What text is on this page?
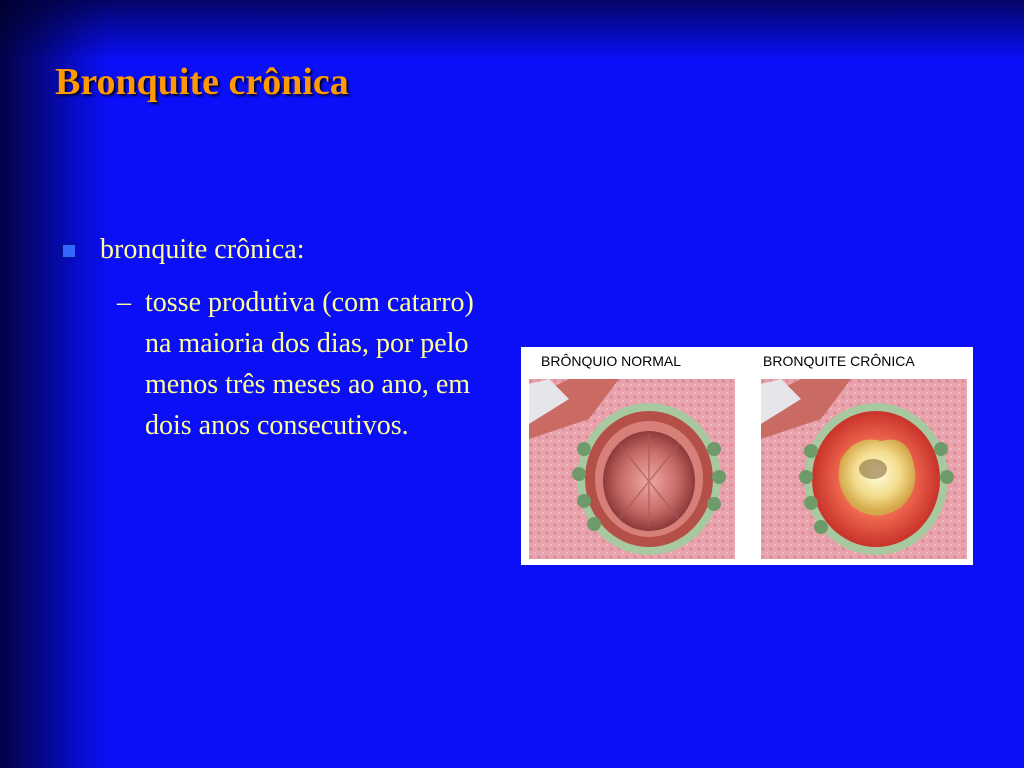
Bronquite crônica
bronquite crônica:
– tosse produtiva (com catarro) na maioria dos dias, por pelo menos três meses ao ano, em dois anos consecutivos.
BRÔNQUIO NORMAL	BRONQUITE CRÔNICA
